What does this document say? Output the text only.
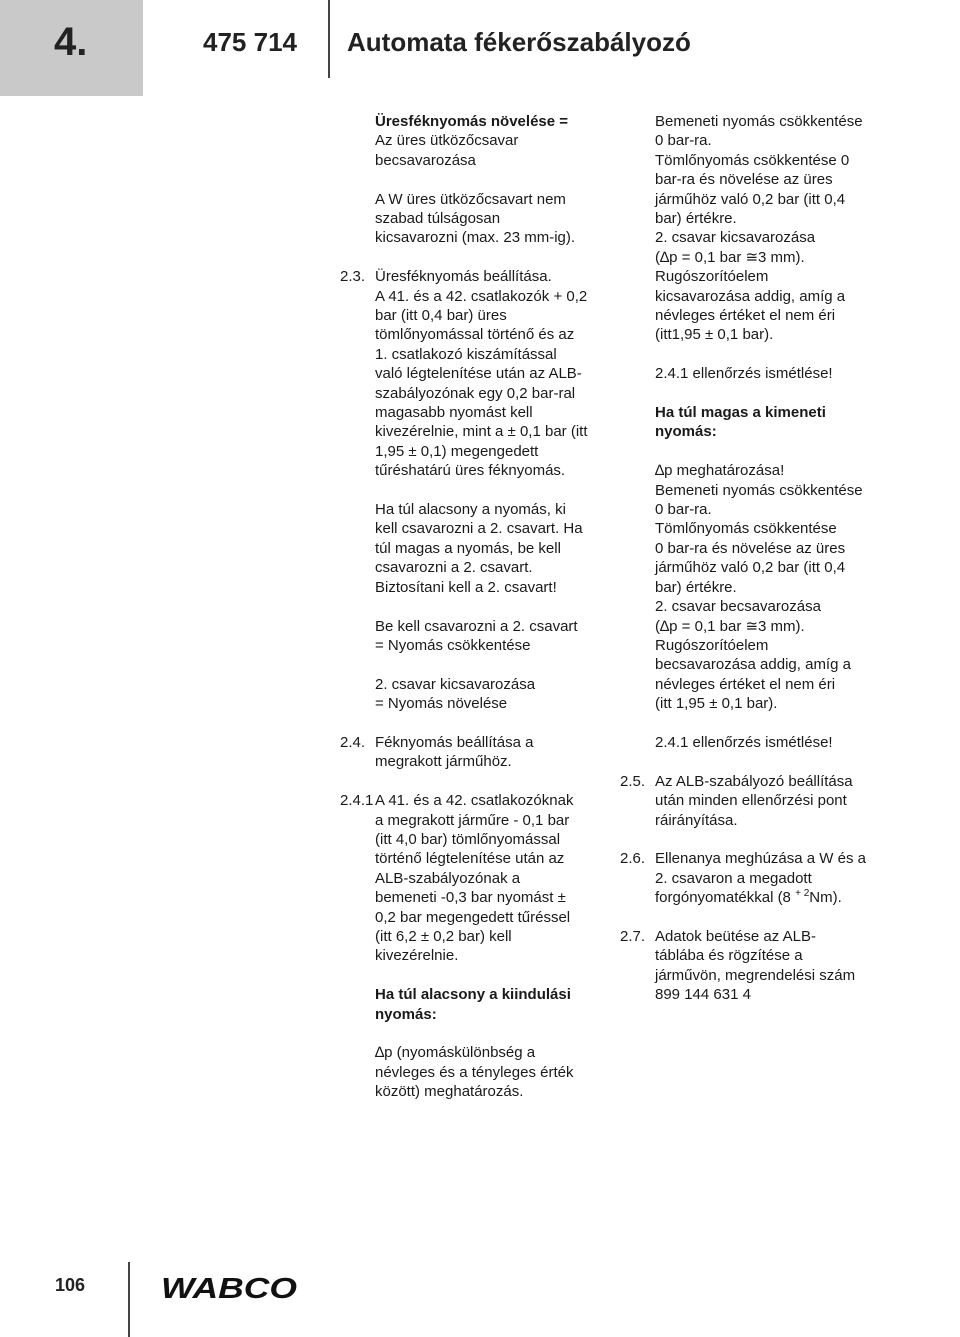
4.	475 714 Automata fékerőszabályozó
Üresféknyomás növelése =
Az üres ütközőcsavar
becsavarozása
A W üres ütközőcsavart nem
szabad túlságosan
kicsavarozni (max. 23 mm-ig).
2.3. Üresféknyomás beállítása.
A 41. és a 42. csatlakozók + 0,2
bar (itt 0,4 bar) üres
tömlőnyomással történő és az
1. csatlakozó kiszámítással
való légtelenítése után az ALB-
szabályozónak egy 0,2 bar-ral
magasabb nyomást kell
kivezérelnie, mint a ± 0,1 bar (itt
1,95 ± 0,1) megengedett
tűréshatárú üres féknyomás.
Ha túl alacsony a nyomás, ki
kell csavarozni a 2. csavart. Ha
túl magas a nyomás, be kell
csavarozni a 2. csavart.
Biztosítani kell a 2. csavart!
Be kell csavarozni a 2. csavart
= Nyomás csökkentése
2. csavar kicsavarozása
= Nyomás növelése
2.4. Féknyomás beállítása a
megrakott járműhöz.
2.4.1 A 41. és a 42. csatlakozóknak
a megrakott járműre - 0,1 bar
(itt 4,0 bar) tömlőnyomással
történő légtelenítése után az
ALB-szabályozónak a
bemeneti -0,3 bar nyomást ±
0,2 bar megengedett tűréssel
(itt 6,2 ± 0,2 bar) kell
kivezérelnie.
Ha túl alacsony a kiindulási
nyomás:
∆p (nyomáskülönbség a
névleges és a tényleges érték
között) meghatározás.
Bemeneti nyomás csökkentése
0 bar-ra.
Tömlőnyomás csökkentése 0
bar-ra és növelése az üres
járműhöz való 0,2 bar (itt 0,4
bar) értékre.
2. csavar kicsavarozása
(∆p = 0,1 bar ≅3 mm).
Rugószorítóelem
kicsavarozása addig, amíg a
névleges értéket el nem éri
(itt1,95 ± 0,1 bar).
2.4.1 ellenőrzés ismétlése!
Ha túl magas a kimeneti
nyomás:
∆p meghatározása!
Bemeneti nyomás csökkentése
0 bar-ra.
Tömlőnyomás csökkentése
0 bar-ra és növelése az üres
járműhöz való 0,2 bar (itt 0,4
bar) értékre.
2. csavar becsavarozása
(∆p = 0,1 bar ≅3 mm).
Rugószorítóelem
becsavarozása addig, amíg a
névleges értéket el nem éri
(itt 1,95 ± 0,1 bar).
2.4.1 ellenőrzés ismétlése!
2.5. Az ALB-szabályozó beállítása
után minden ellenőrzési pont
ráirányítása.
2.6. Ellenanya meghúzása a W és a
2. csavaron a megadott
forgónyomatékkal (8 $^{+ 2}$Nm).
2.7. Adatok beütése az ALB-
táblába és rögzítése a
járművön, megrendelési szám
899 144 631 4
106	WABCO
